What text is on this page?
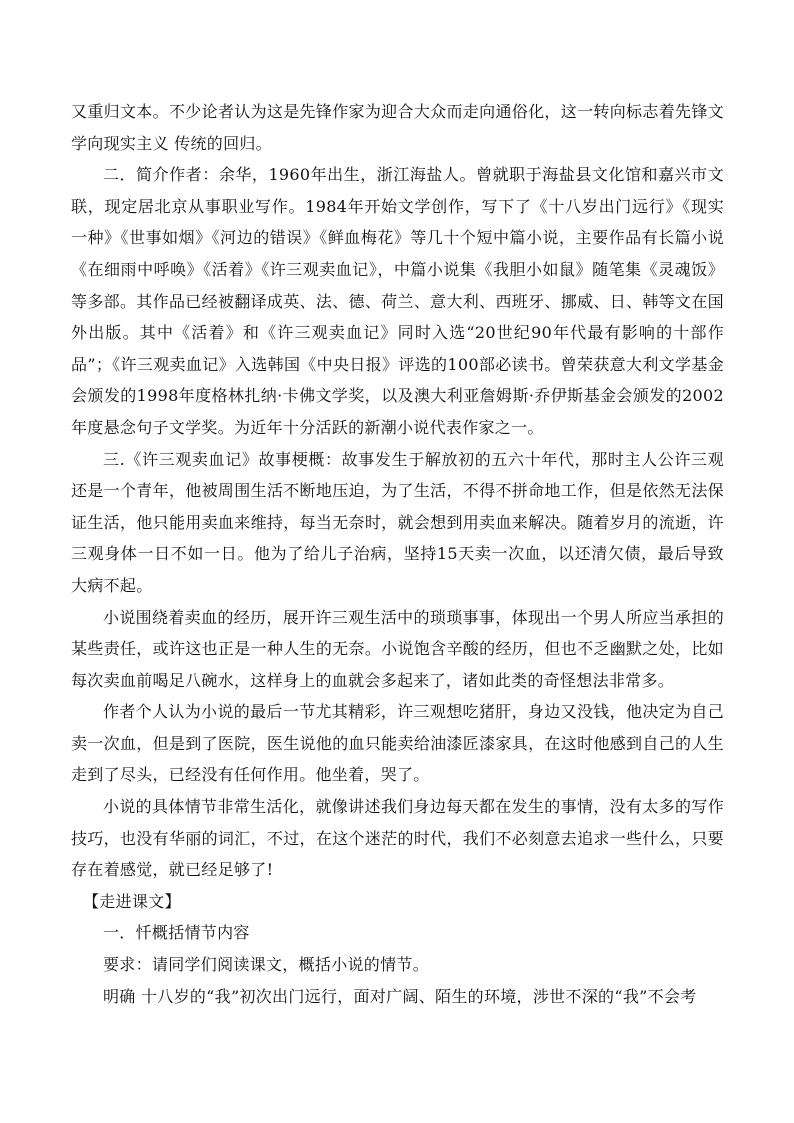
又重归文本。不少论者认为这是先锋作家为迎合大众而走向通俗化，这一转向标志着先锋文学向现实主义 传统的回归。

二．简介作者：余华，1960年出生，浙江海盐人。曾就职于海盐县文化馆和嘉兴市文联，现定居北京从事职业写作。1984年开始文学创作，写下了《十八岁出门远行》《现实一种》《世事如烟》《河边的错误》《鲜血梅花》等几十个短中篇小说，主要作品有长篇小说《在细雨中呼唤》《活着》《许三观卖血记》，中篇小说集《我胆小如鼠》随笔集《灵魂饭》等多部。其作品已经被翻译成英、法、德、荷兰、意大利、西班牙、挪威、日、韩等文在国外出版。其中《活着》和《许三观卖血记》同时入选“20世纪90年代最有影响的十部作品”；《许三观卖血记》入选韩国《中央日报》评选的100部必读书。曾荣获意大利文学基金会颁发的1998年度格林扎纳·卡佛文学奖，以及澳大利亚詹姆斯·乔伊斯基金会颁发的2002年度悬念句子文学奖。为近年十分活跃的新潮小说代表作家之一。

三.《许三观卖血记》故事梗概：故事发生于解放初的五六十年代，那时主人公许三观还是一个青年，他被周围生活不断地压迫，为了生活，不得不拼命地工作，但是依然无法保证生活，他只能用卖血来维持，每当无奈时，就会想到用卖血来解决。随着岁月的流逝，许三观身体一日不如一日。他为了给儿子治病，坚持15天卖一次血，以还清欠债，最后导致大病不起。

小说围绕着卖血的经历，展开许三观生活中的琐琐事事，体现出一个男人所应当承担的某些责任，或许这也正是一种人生的无奈。小说饱含辛酸的经历，但也不乏幽默之处，比如每次卖血前喝足八碗水，这样身上的血就会多起来了，诸如此类的奇怪想法非常多。

作者个人认为小说的最后一节尤其精彩，许三观想吃猪肝，身边又没钱，他决定为自己卖一次血，但是到了医院，医生说他的血只能卖给油漆匠漆家具，在这时他感到自己的人生走到了尽头，已经没有任何作用。他坐着，哭了。

小说的具体情节非常生活化，就像讲述我们身边每天都在发生的事情，没有太多的写作技巧，也没有华丽的词汇，不过，在这个迷茫的时代，我们不必刻意去追求一些什么，只要存在着感觉，就已经足够了!

【走进课文】

一．忏概括情节内容

要求：请同学们阅读课文，概括小说的情节。

明确 十八岁的“我”初次出门远行，面对广阔、陌生的环境，涉世不深的“我”不会考
